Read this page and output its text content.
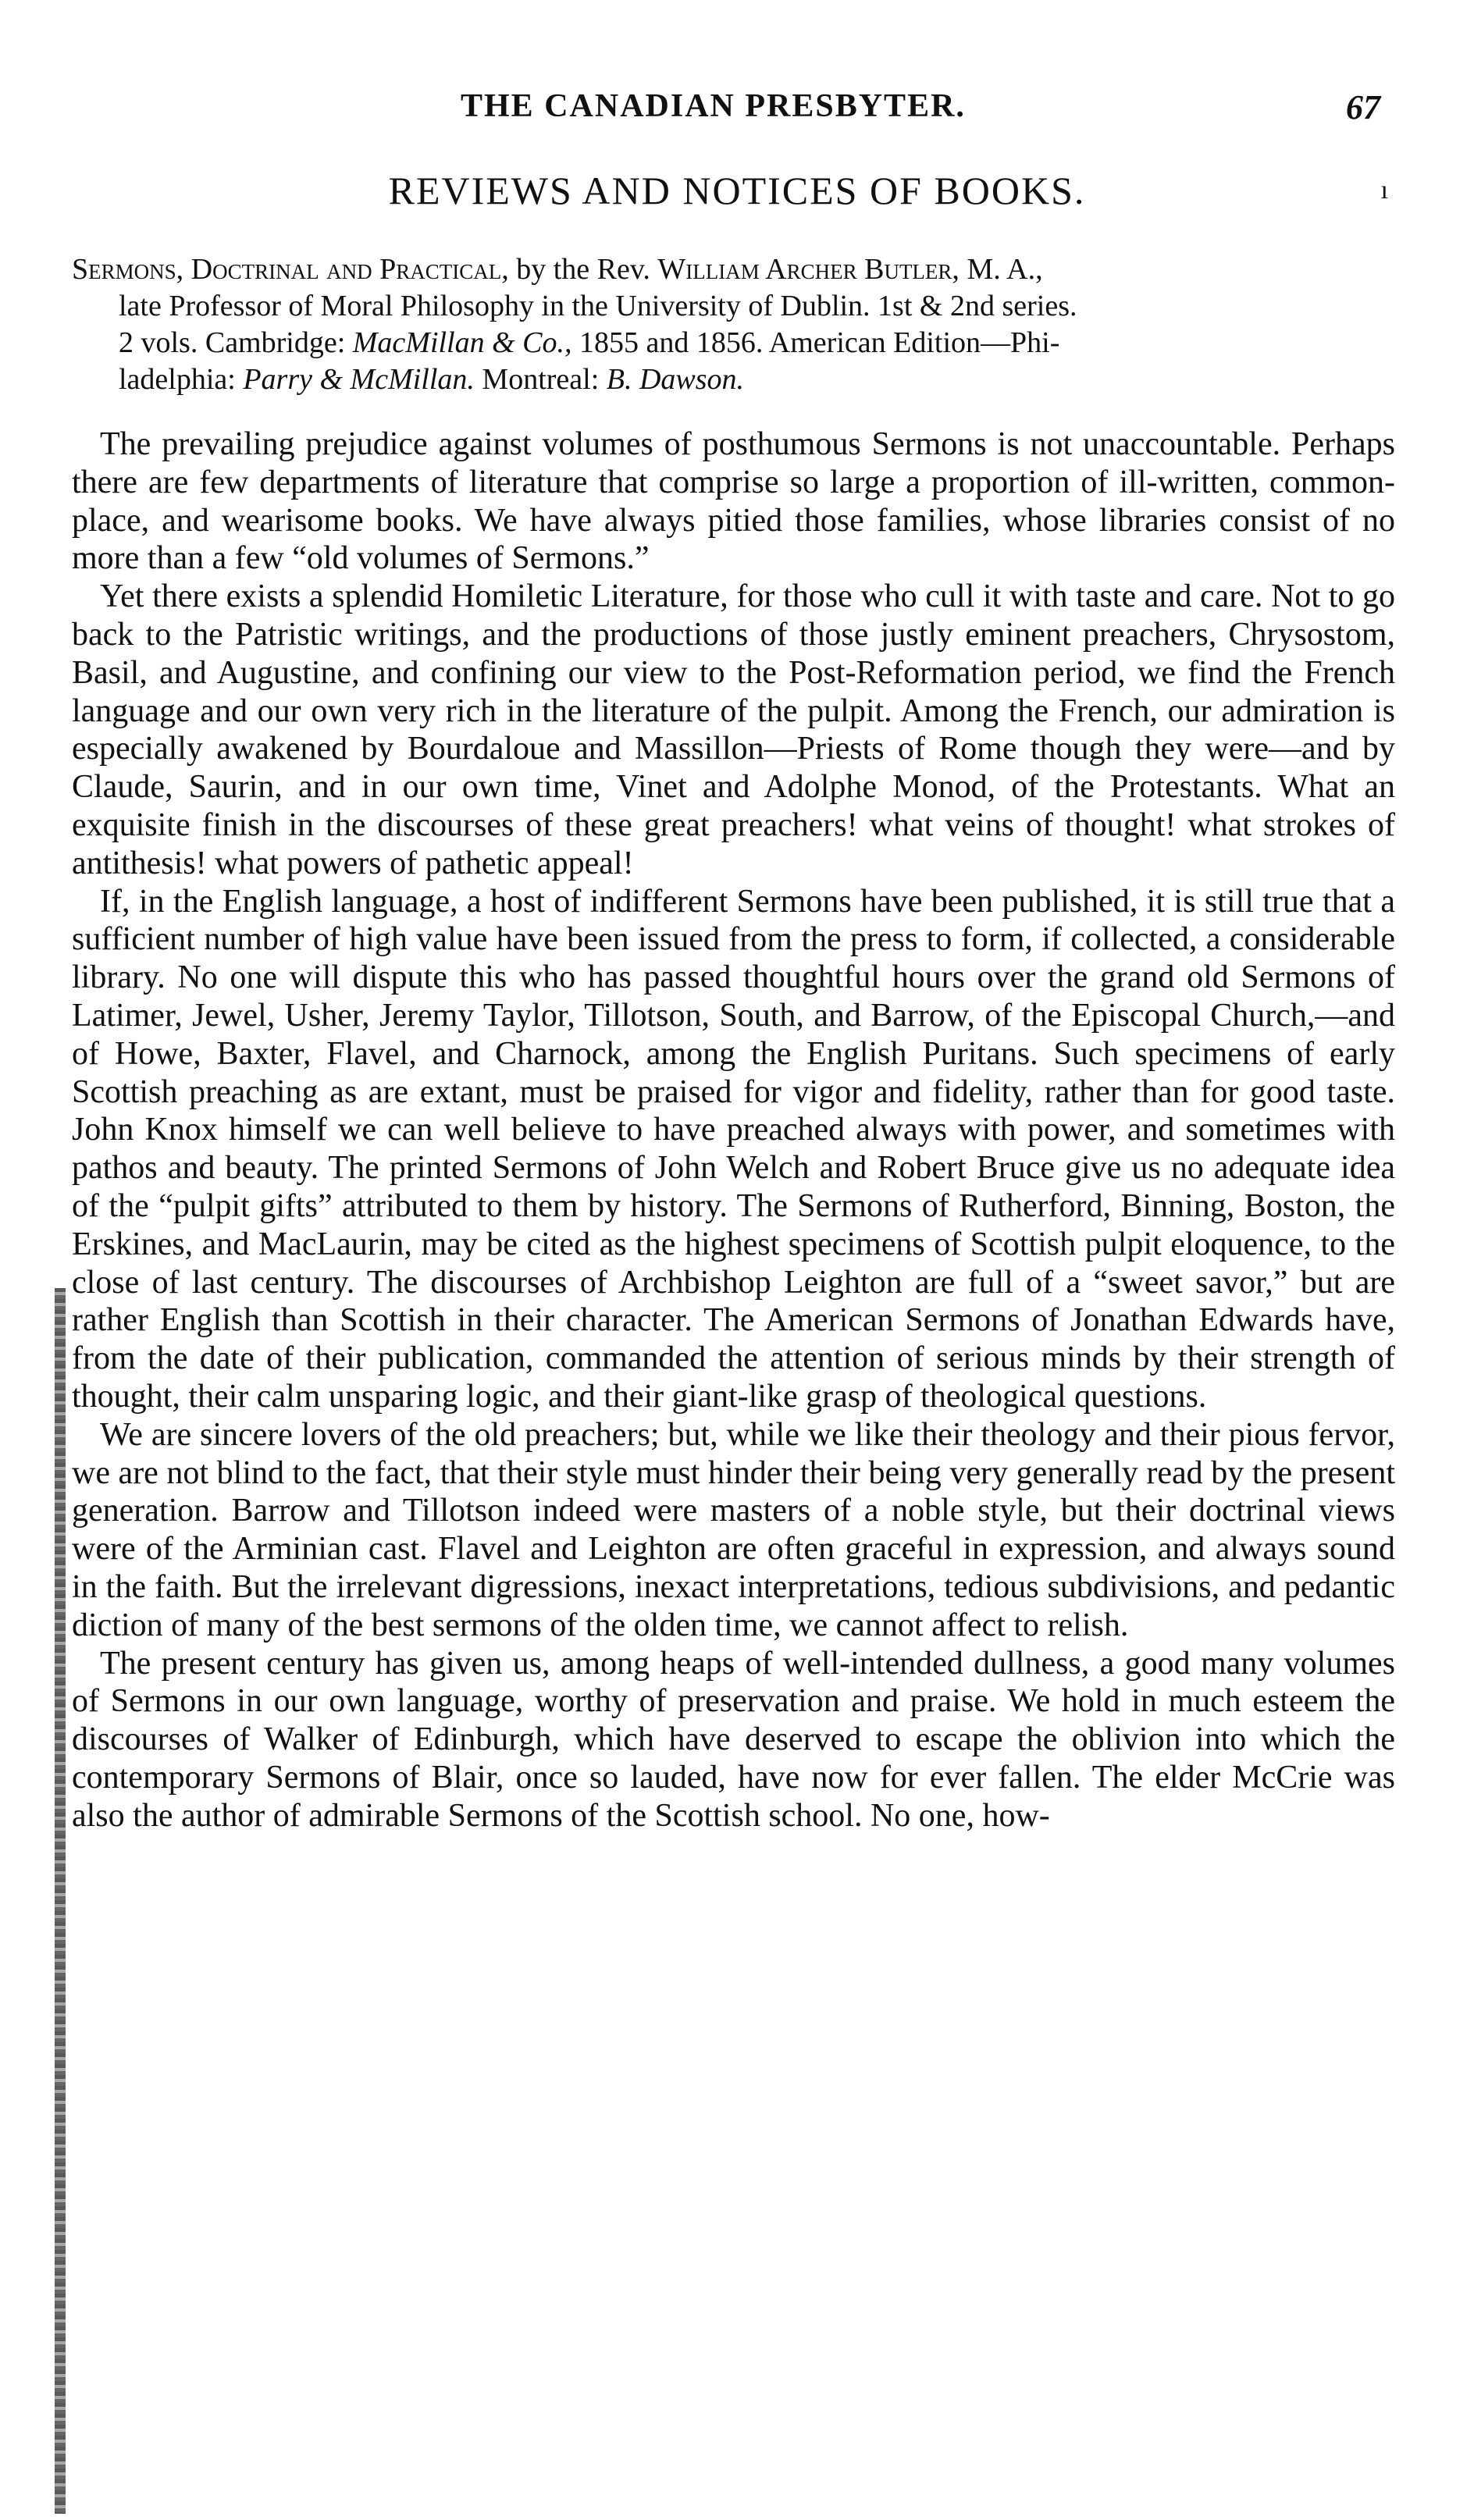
THE CANADIAN PRESBYTER.	67
REVIEWS AND NOTICES OF BOOKS.	ı
Sermons, Doctrinal and Practical, by the Rev. William Archer Butler, M. A.,
late Professor of Moral Philosophy in the University of Dublin. 1st & 2nd series.
2 vols. Cambridge: MacMillan & Co., 1855 and 1856. American Edition—Phi-
ladelphia: Parry & McMillan. Montreal: B. Dawson.

The prevailing prejudice against volumes of posthumous Sermons is not unaccountable. Perhaps there are few departments of literature that comprise so large a proportion of ill-written, common-place, and wearisome books. We have always pitied those families, whose libraries consist of no more than a few “old volumes of Sermons.”

Yet there exists a splendid Homiletic Literature, for those who cull it with taste and care. Not to go back to the Patristic writings, and the productions of those justly eminent preachers, Chrysostom, Basil, and Augustine, and confining our view to the Post-Reformation period, we find the French language and our own very rich in the literature of the pulpit. Among the French, our admiration is especially awakened by Bourdaloue and Massillon—Priests of Rome though they were—and by Claude, Saurin, and in our own time, Vinet and Adolphe Monod, of the Protestants. What an exquisite finish in the discourses of these great preachers! what veins of thought! what strokes of antithesis! what powers of pathetic appeal!

If, in the English language, a host of indifferent Sermons have been published, it is still true that a sufficient number of high value have been issued from the press to form, if collected, a considerable library. No one will dispute this who has passed thoughtful hours over the grand old Sermons of Latimer, Jewel, Usher, Jeremy Taylor, Tillotson, South, and Barrow, of the Episcopal Church,—and of Howe, Baxter, Flavel, and Charnock, among the English Puritans. Such specimens of early Scottish preaching as are extant, must be praised for vigor and fidelity, rather than for good taste. John Knox himself we can well believe to have preached always with power, and sometimes with pathos and beauty. The printed Sermons of John Welch and Robert Bruce give us no adequate idea of the “pulpit gifts” attributed to them by history. The Sermons of Rutherford, Binning, Boston, the Erskines, and MacLaurin, may be cited as the highest specimens of Scottish pulpit eloquence, to the close of last century. The discourses of Archbishop Leighton are full of a “sweet savor,” but are rather English than Scottish in their character. The American Sermons of Jonathan Edwards have, from the date of their publication, commanded the attention of serious minds by their strength of thought, their calm unsparing logic, and their giant-like grasp of theological questions.

We are sincere lovers of the old preachers; but, while we like their theology and their pious fervor, we are not blind to the fact, that their style must hinder their being very generally read by the present generation. Barrow and Tillotson indeed were masters of a noble style, but their doctrinal views were of the Arminian cast. Flavel and Leighton are often graceful in expression, and always sound in the faith. But the irrelevant digressions, inexact interpretations, tedious subdivisions, and pedantic diction of many of the best sermons of the olden time, we cannot affect to relish.

The present century has given us, among heaps of well-intended dullness, a good many volumes of Sermons in our own language, worthy of preservation and praise. We hold in much esteem the discourses of Walker of Edinburgh, which have deserved to escape the oblivion into which the contemporary Sermons of Blair, once so lauded, have now for ever fallen. The elder McCrie was also the author of admirable Sermons of the Scottish school. No one, how-
